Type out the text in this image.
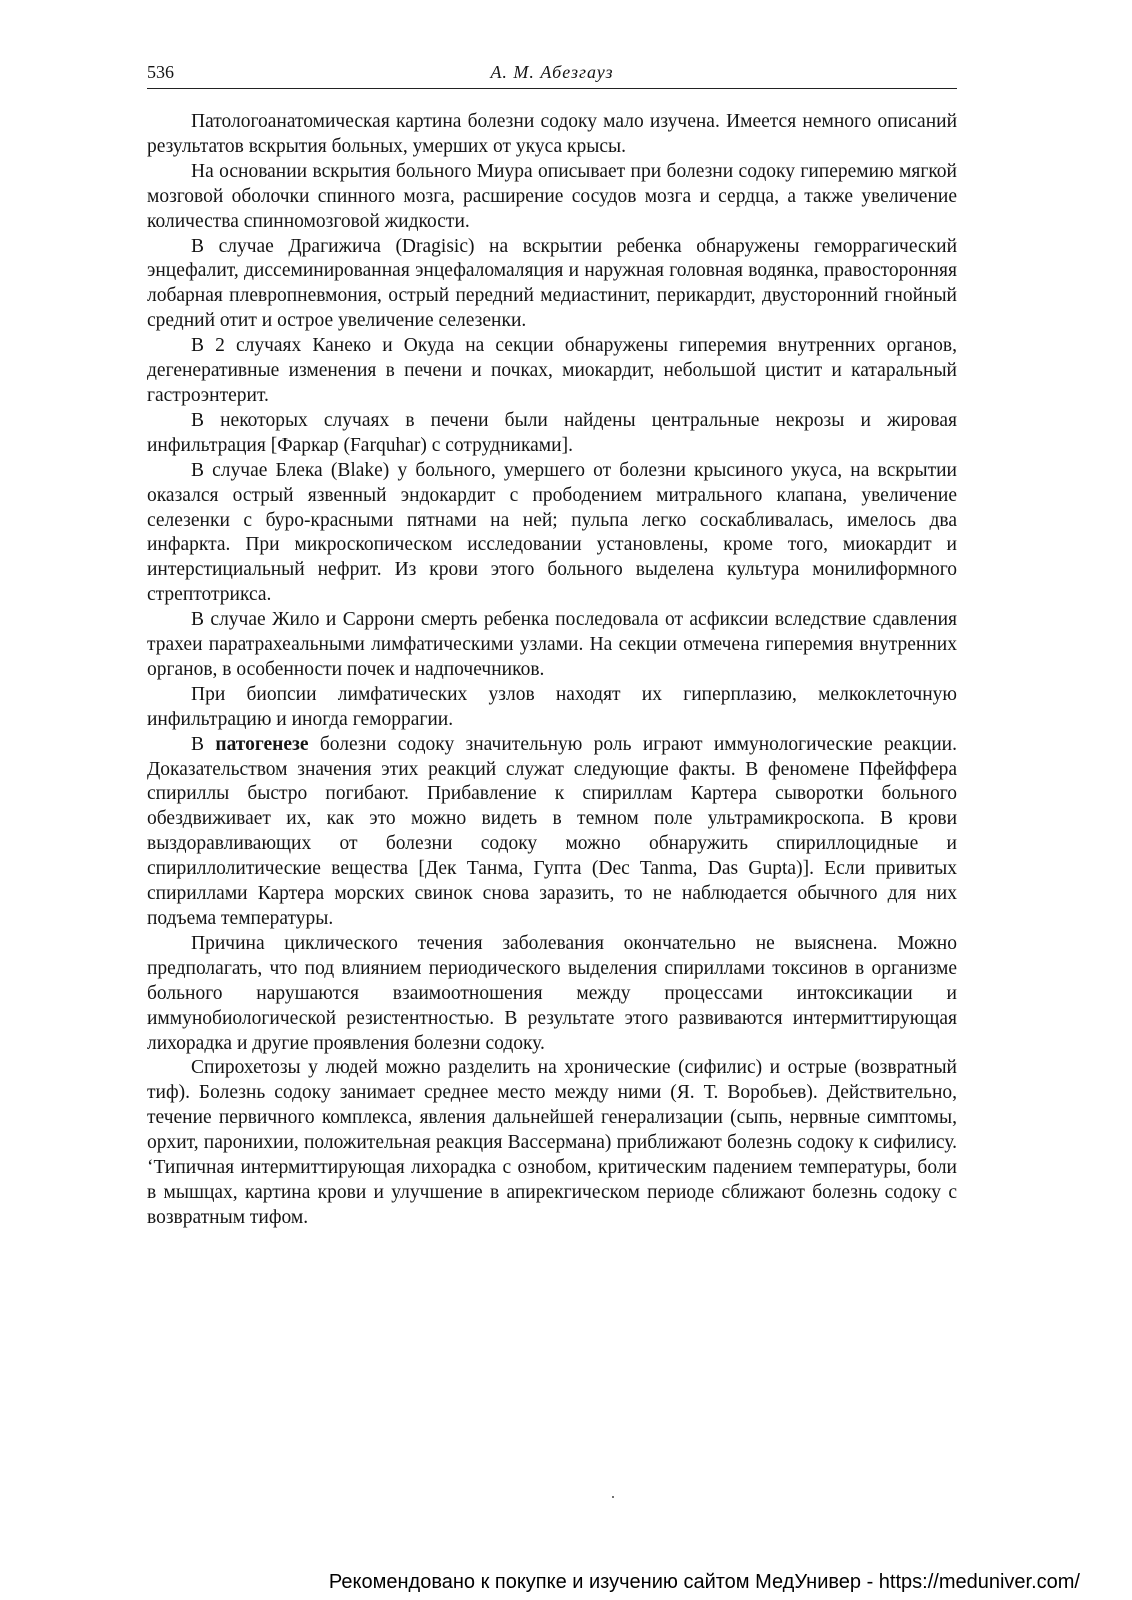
536	А. М. Абезгауз

Патологоанатомическая картина болезни содоку мало изучена. Имеется немного описаний результатов вскрытия больных, умерших от укуса крысы.

На основании вскрытия больного Миура описывает при болезни содоку гиперемию мягкой мозговой оболочки спинного мозга, расширение сосудов мозга и сердца, а также увеличение количества спинномозговой жидкости.

В случае Драгижича (Dragisic) на вскрытии ребенка обнаружены геморрагический энцефалит, диссеминированная энцефаломаляция и наружная головная водянка, правосторонняя лобарная плевропневмония, острый передний медиастинит, перикардит, двусторонний гнойный средний отит и острое увеличение селезенки.

В 2 случаях Канеко и Окуда на секции обнаружены гиперемия внутренних органов, дегенеративные изменения в печени и почках, миокардит, небольшой цистит и катаральный гастроэнтерит.

В некоторых случаях в печени были найдены центральные некрозы и жировая инфильтрация [Фаркар (Farquhar) с сотрудниками].

В случае Блека (Blake) у больного, умершего от болезни крысиного укуса, на вскрытии оказался острый язвенный эндокардит с прободением митрального клапана, увеличение селезенки с буро-красными пятнами на ней; пульпа легко соскабливалась, имелось два инфаркта. При микроскопическом исследовании установлены, кроме того, миокардит и интерстициальный нефрит. Из крови этого больного выделена культура монилиформного стрептотрикса.

В случае Жило и Саррони смерть ребенка последовала от асфиксии вследствие сдавления трахеи паратрахеальными лимфатическими узлами. На секции отмечена гиперемия внутренних органов, в особенности почек и надпочечников.

При биопсии лимфатических узлов находят их гиперплазию, мелкоклеточную инфильтрацию и иногда геморрагии.

В патогенезе болезни содоку значительную роль играют иммунологические реакции. Доказательством значения этих реакций служат следующие факты. В феномене Пфейффера спириллы быстро погибают. Прибавление к спириллам Картера сыворотки больного обездвиживает их, как это можно видеть в темном поле ультрамикроскопа. В крови выздоравливающих от болезни содоку можно обнаружить спириллоцидные и спириллолитические вещества [Дек Танма, Гупта (Dec Tanma, Das Gupta)]. Если привитых спириллами Картера морских свинок снова заразить, то не наблюдается обычного для них подъема температуры.

Причина циклического течения заболевания окончательно не выяснена. Можно предполагать, что под влиянием периодического выделения спириллами токсинов в организме больного нарушаются взаимоотношения между процессами интоксикации и иммунобиологической резистентностью. В результате этого развиваются интермиттирующая лихорадка и другие проявления болезни содоку.

Спирохетозы у людей можно разделить на хронические (сифилис) и острые (возвратный тиф). Болезнь содоку занимает среднее место между ними (Я. Т. Воробьев). Действительно, течение первичного комплекса, явления дальнейшей генерализации (сыпь, нервные симптомы, орхит, паронихии, положительная реакция Вассермана) приближают болезнь содоку к сифилису. ʻТипичная интермиттирующая лихорадка с ознобом, критическим падением температуры, боли в мышцах, картина крови и улучшение в апирекгическом периоде сближают болезнь содоку с возвратным тифом.

Рекомендовано к покупке и изучению сайтом МедУнивер - https://meduniver.com/
